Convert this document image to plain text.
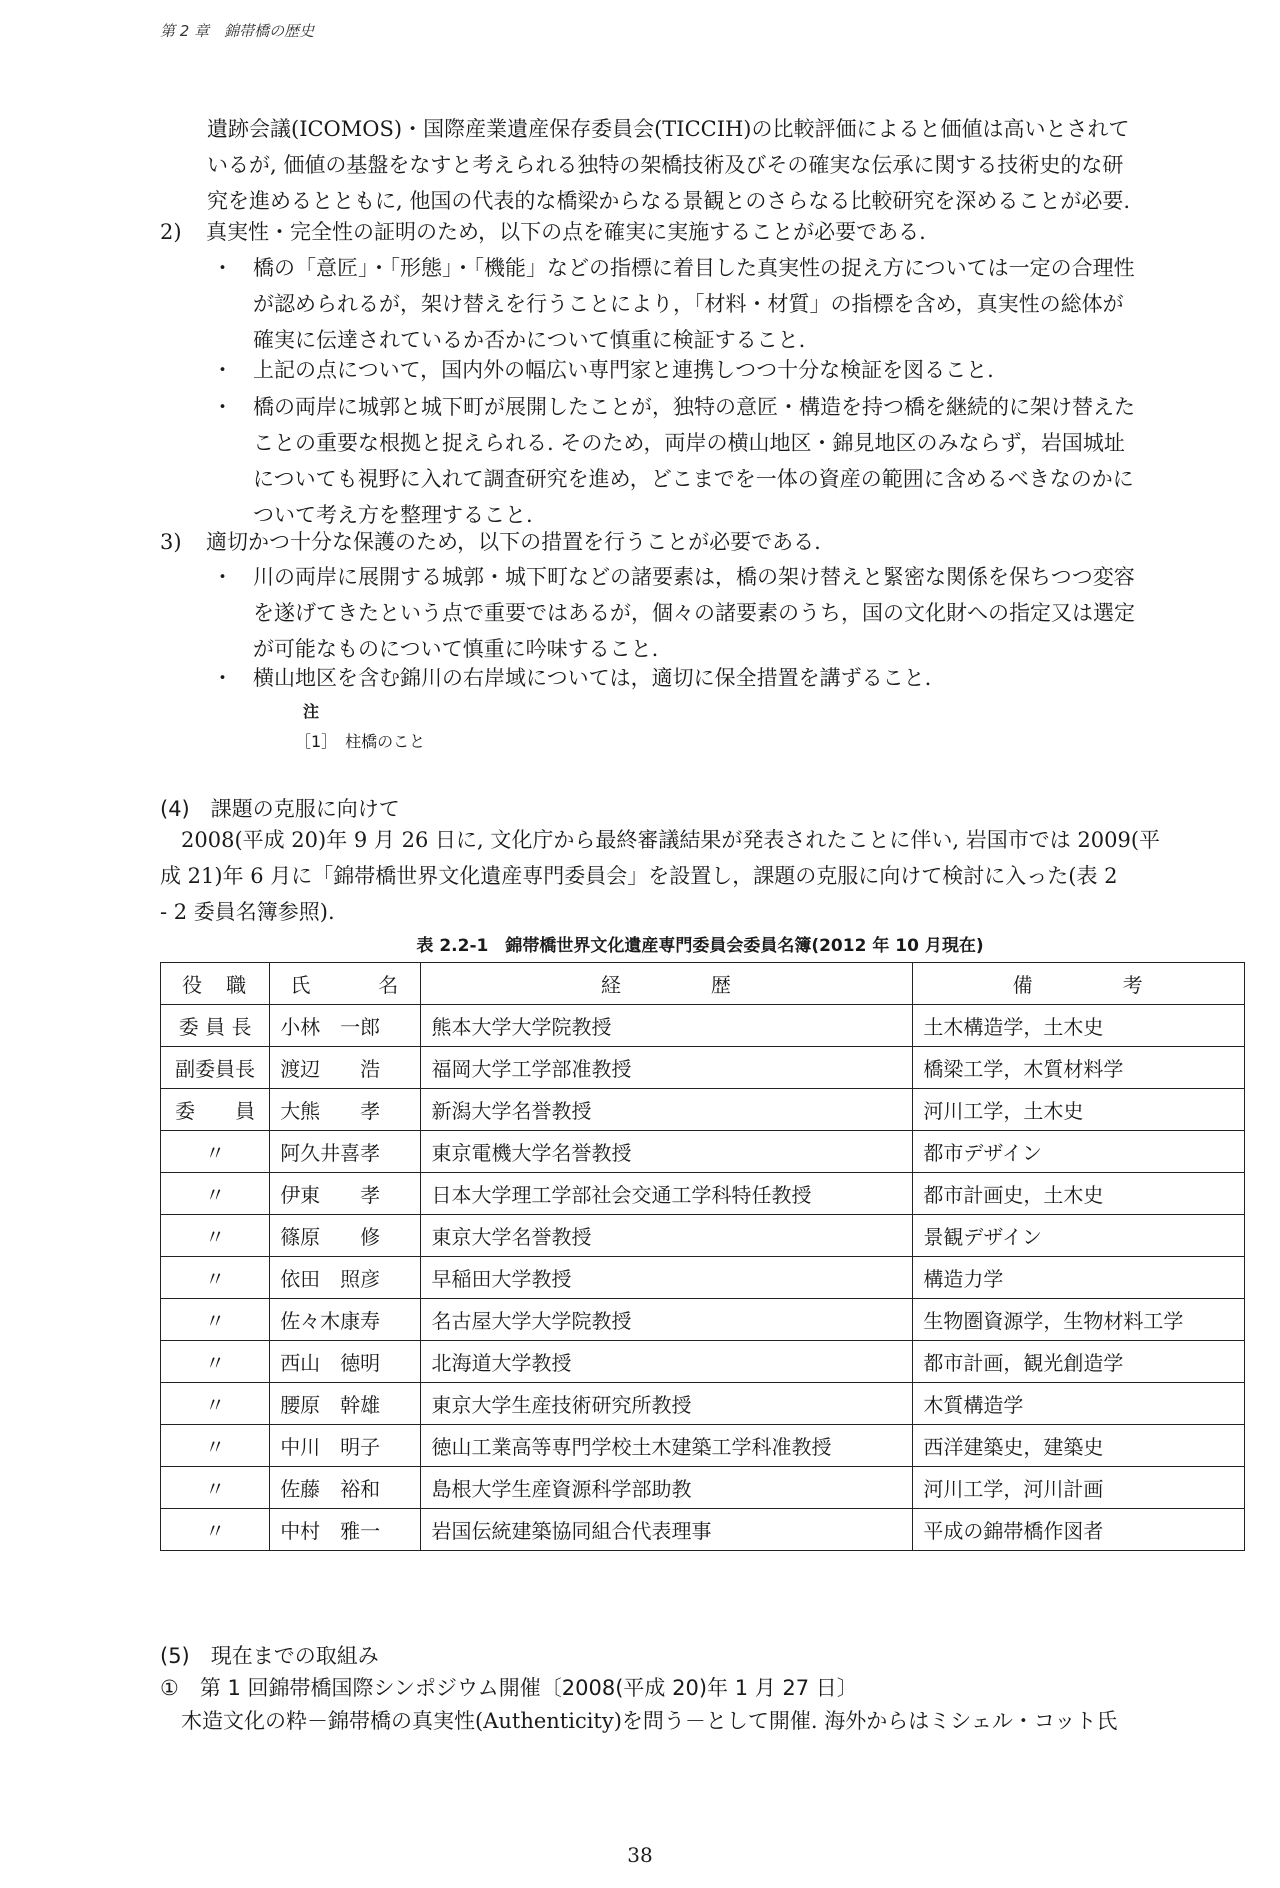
第 2 章　錦帯橋の歴史
遺跡会議(ICOMOS)・国際産業遺産保存委員会(TICCIH)の比較評価によると価値は高いとされて
いるが, 価値の基盤をなすと考えられる独特の架橋技術及びその確実な伝承に関する技術史的な研
究を進めるとともに, 他国の代表的な橋梁からなる景観とのさらなる比較研究を深めることが必要.
2) 真実性・完全性の証明のため，以下の点を確実に実施することが必要である.
・ 橋の「意匠」・「形態」・「機能」などの指標に着目した真実性の捉え方については一定の合理性
が認められるが，架け替えを行うことにより，「材料・材質」の指標を含め，真実性の総体が
確実に伝達されているか否かについて慎重に検証すること.
・ 上記の点について，国内外の幅広い専門家と連携しつつ十分な検証を図ること.
・ 橋の両岸に城郭と城下町が展開したことが，独特の意匠・構造を持つ橋を継続的に架け替えた
ことの重要な根拠と捉えられる. そのため，両岸の横山地区・錦見地区のみならず，岩国城址
についても視野に入れて調査研究を進め，どこまでを一体の資産の範囲に含めるべきなのかに
ついて考え方を整理すること.
3) 適切かつ十分な保護のため，以下の措置を行うことが必要である.
・ 川の両岸に展開する城郭・城下町などの諸要素は，橋の架け替えと緊密な関係を保ちつつ変容
を遂げてきたという点で重要ではあるが，個々の諸要素のうち，国の文化財への指定又は選定
が可能なものについて慎重に吟味すること.
・ 横山地区を含む錦川の右岸域については，適切に保全措置を講ずること.
注
［1］　柱橋のこと
(4)　課題の克服に向けて
2008(平成 20)年 9 月 26 日に, 文化庁から最終審議結果が発表されたことに伴い, 岩国市では 2009(平
成 21)年 6 月に「錦帯橋世界文化遺産専門委員会」を設置し，課題の克服に向けて検討に入った(表 2
- 2 委員名簿参照).
表 2.2-1　錦帯橋世界文化遺産専門委員会委員名簿(2012 年 10 月現在)
役　職	氏　　　名	経　　　　歴	備　　　　考
委 員 長	小林　一郎	熊本大学大学院教授	土木構造学，土木史
副委員長	渡辺　　浩	福岡大学工学部准教授	橋梁工学，木質材料学
委　　員	大熊　　孝	新潟大学名誉教授	河川工学，土木史
〃	阿久井喜孝	東京電機大学名誉教授	都市デザイン
〃	伊東　　孝	日本大学理工学部社会交通工学科特任教授	都市計画史，土木史
〃	篠原　　修	東京大学名誉教授	景観デザイン
〃	依田　照彦	早稲田大学教授	構造力学
〃	佐々木康寿	名古屋大学大学院教授	生物圏資源学，生物材料工学
〃	西山　徳明	北海道大学教授	都市計画，観光創造学
〃	腰原　幹雄	東京大学生産技術研究所教授	木質構造学
〃	中川　明子	徳山工業高等専門学校土木建築工学科准教授	西洋建築史，建築史
〃	佐藤　裕和	島根大学生産資源科学部助教	河川工学，河川計画
〃	中村　雅一	岩国伝統建築協同組合代表理事	平成の錦帯橋作図者
(5)　現在までの取組み
①　第 1 回錦帯橋国際シンポジウム開催〔2008(平成 20)年 1 月 27 日〕
木造文化の粋－錦帯橋の真実性(Authenticity)を問う－として開催. 海外からはミシェル・コット氏
38
